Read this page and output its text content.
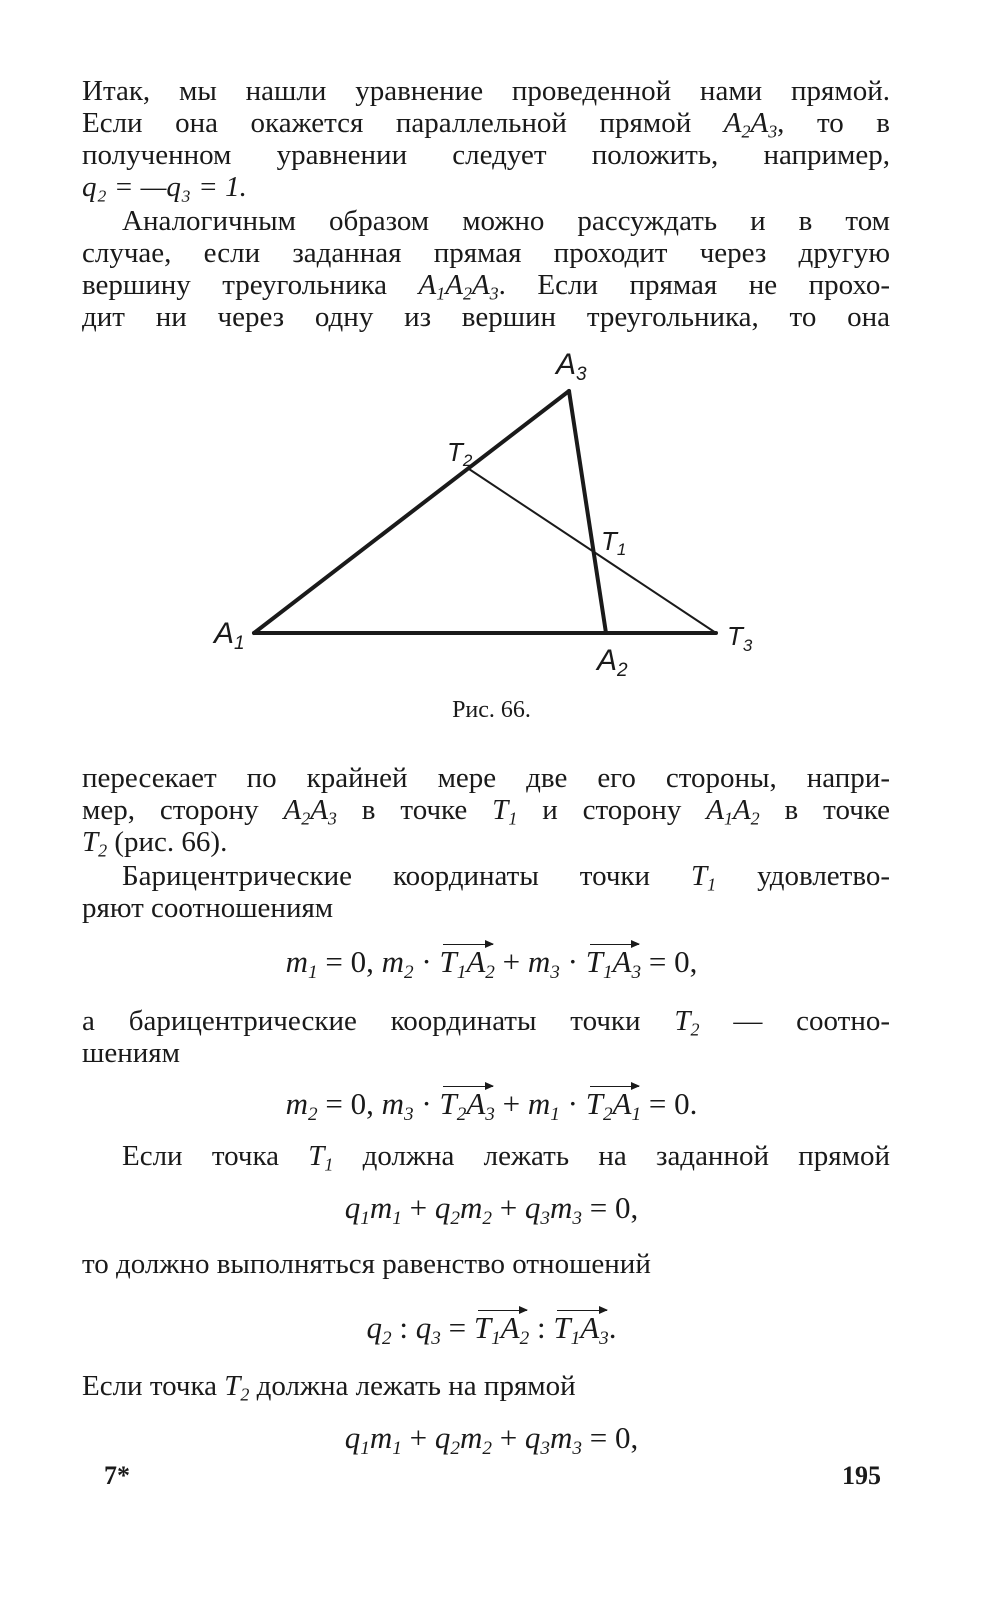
Итак, мы нашли уравнение проведенной нами прямой.
Если она окажется параллельной прямой $A_2A_3$, то в
полученном уравнении следует положить, например,
q₂ = —q₃ = 1.
Аналогичным образом можно рассуждать и в том
случае, если заданная прямая проходит через другую
вершину треугольника $A_1A_2A_3$. Если прямая не прохо-
дит ни через одну из вершин треугольника, то она
$A_3$
T2
T1
$A_1$	$T_3$
$A_2$
Рис. 66.
пересекает по крайней мере две его стороны, напри-
мер, сторону $A_2A_3$ в точке $T_1$ и сторону $A_1A_2$ в точке
$T_2$ (рис. 66).
Барицентрические координаты точки $T_1$ удовлетво-
ряют соотношениям
$m_1 = 0$, $m_2 \cdot T_1A_2 + m_3 \cdot T_1A_3 = 0$,
а барицентрические координаты точки $T_2$ — соотно-
шениям
$m_2 = 0$, $m_3 \cdot T_2A_3 + m_1 \cdot T_2A_1 = 0$.
Если точка $T_1$ должна лежать на заданной прямой
$q_1m_1 + q_2m_2 + q_3m_3 = 0$,
то должно выполняться равенство отношений
$q_2$ : $q_3 = T_1A_2$ : $T_1A_3$.
Если точка $T_2$ должна лежать на прямой
$q_1m_1 + q_2m_2 + q_3m_3 = 0$,
7*	195
